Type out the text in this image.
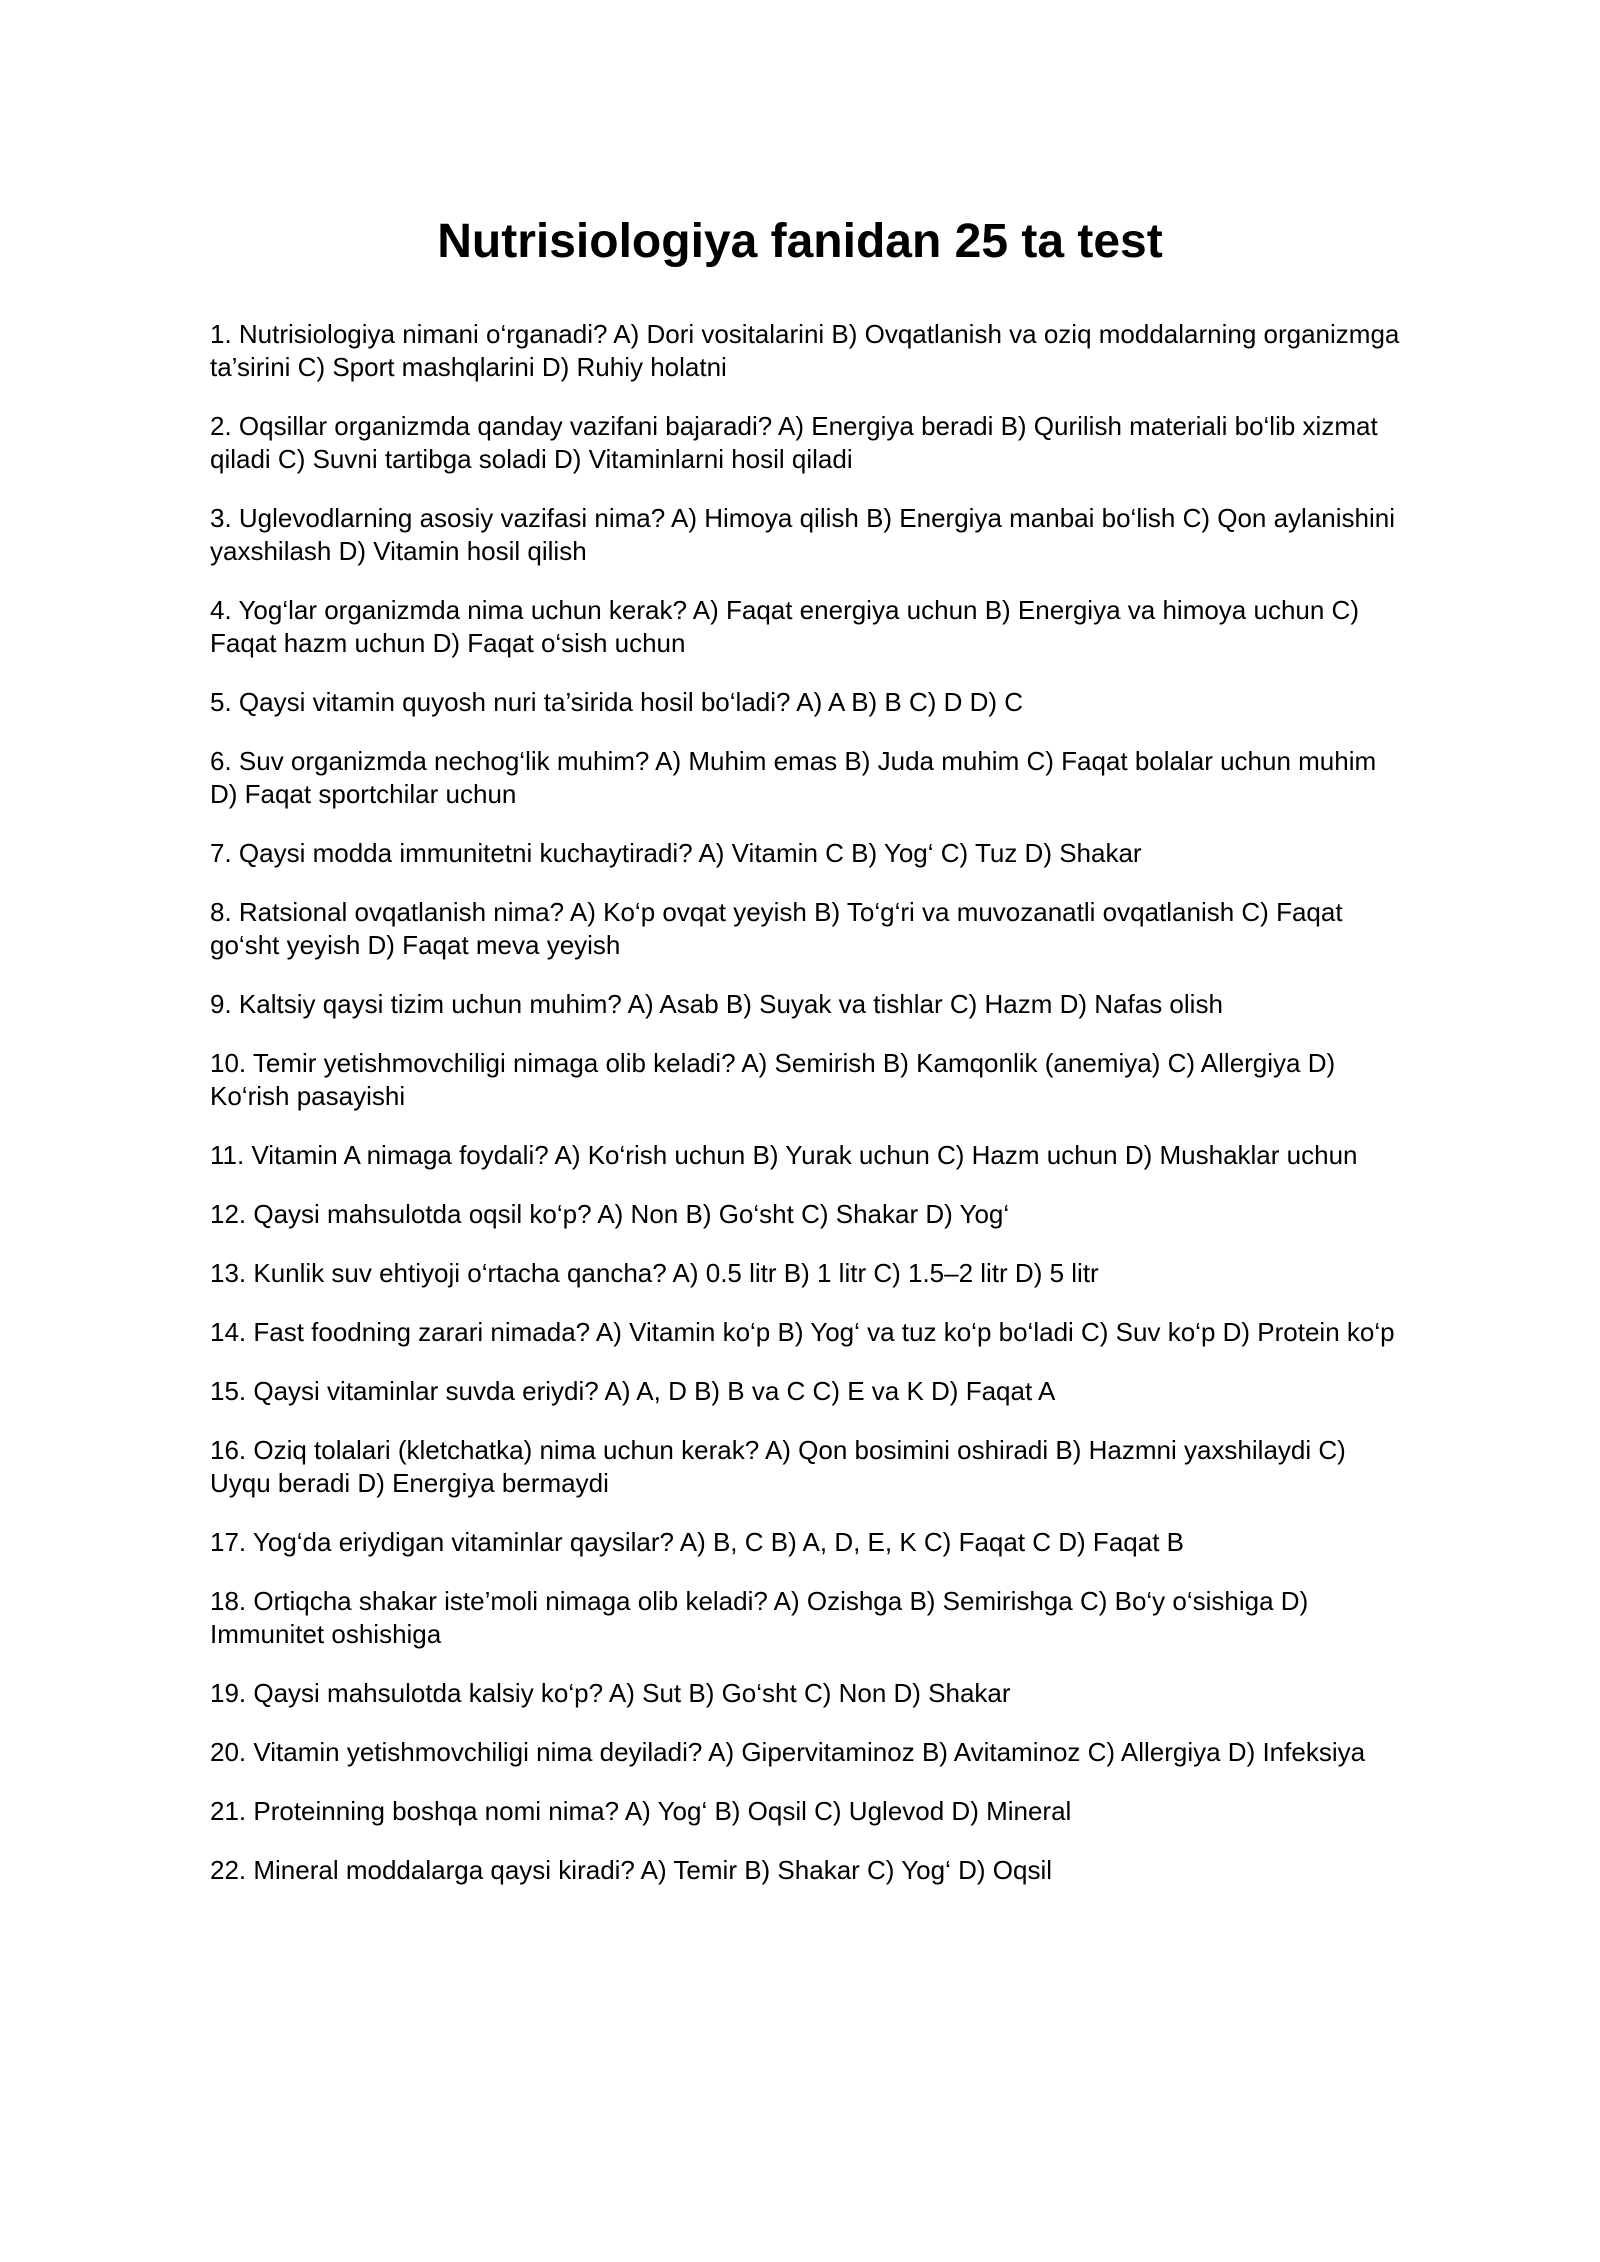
Nutrisiologiya fanidan 25 ta test
1. Nutrisiologiya nimani o‘rganadi? A) Dori vositalarini B) Ovqatlanish va oziq moddalarning organizmga ta’sirini C) Sport mashqlarini D) Ruhiy holatni
2. Oqsillar organizmda qanday vazifani bajaradi? A) Energiya beradi B) Qurilish materiali bo‘lib xizmat qiladi C) Suvni tartibga soladi D) Vitaminlarni hosil qiladi
3. Uglevodlarning asosiy vazifasi nima? A) Himoya qilish B) Energiya manbai bo‘lish C) Qon aylanishini yaxshilash D) Vitamin hosil qilish
4. Yog‘lar organizmda nima uchun kerak? A) Faqat energiya uchun B) Energiya va himoya uchun C) Faqat hazm uchun D) Faqat o‘sish uchun
5. Qaysi vitamin quyosh nuri ta’sirida hosil bo‘ladi? A) A B) B C) D D) C
6. Suv organizmda nechog‘lik muhim? A) Muhim emas B) Juda muhim C) Faqat bolalar uchun muhim D) Faqat sportchilar uchun
7. Qaysi modda immunitetni kuchaytiradi? A) Vitamin C B) Yog‘ C) Tuz D) Shakar
8. Ratsional ovqatlanish nima? A) Ko‘p ovqat yeyish B) To‘g‘ri va muvozanatli ovqatlanish C) Faqat go‘sht yeyish D) Faqat meva yeyish
9. Kaltsiy qaysi tizim uchun muhim? A) Asab B) Suyak va tishlar C) Hazm D) Nafas olish
10. Temir yetishmovchiligi nimaga olib keladi? A) Semirish B) Kamqonlik (anemiya) C) Allergiya D) Ko‘rish pasayishi
11. Vitamin A nimaga foydali? A) Ko‘rish uchun B) Yurak uchun C) Hazm uchun D) Mushaklar uchun
12. Qaysi mahsulotda oqsil ko‘p? A) Non B) Go‘sht C) Shakar D) Yog‘
13. Kunlik suv ehtiyoji o‘rtacha qancha? A) 0.5 litr B) 1 litr C) 1.5–2 litr D) 5 litr
14. Fast foodning zarari nimada? A) Vitamin ko‘p B) Yog‘ va tuz ko‘p bo‘ladi C) Suv ko‘p D) Protein ko‘p
15. Qaysi vitaminlar suvda eriydi? A) A, D B) B va C C) E va K D) Faqat A
16. Oziq tolalari (kletchatka) nima uchun kerak? A) Qon bosimini oshiradi B) Hazmni yaxshilaydi C) Uyqu beradi D) Energiya bermaydi
17. Yog‘da eriydigan vitaminlar qaysilar? A) B, C B) A, D, E, K C) Faqat C D) Faqat B
18. Ortiqcha shakar iste’moli nimaga olib keladi? A) Ozishga B) Semirishga C) Bo‘y o‘sishiga D) Immunitet oshishiga
19. Qaysi mahsulotda kalsiy ko‘p? A) Sut B) Go‘sht C) Non D) Shakar
20. Vitamin yetishmovchiligi nima deyiladi? A) Gipervitaminoz B) Avitaminoz C) Allergiya D) Infeksiya
21. Proteinning boshqa nomi nima? A) Yog‘ B) Oqsil C) Uglevod D) Mineral
22. Mineral moddalarga qaysi kiradi? A) Temir B) Shakar C) Yog‘ D) Oqsil
